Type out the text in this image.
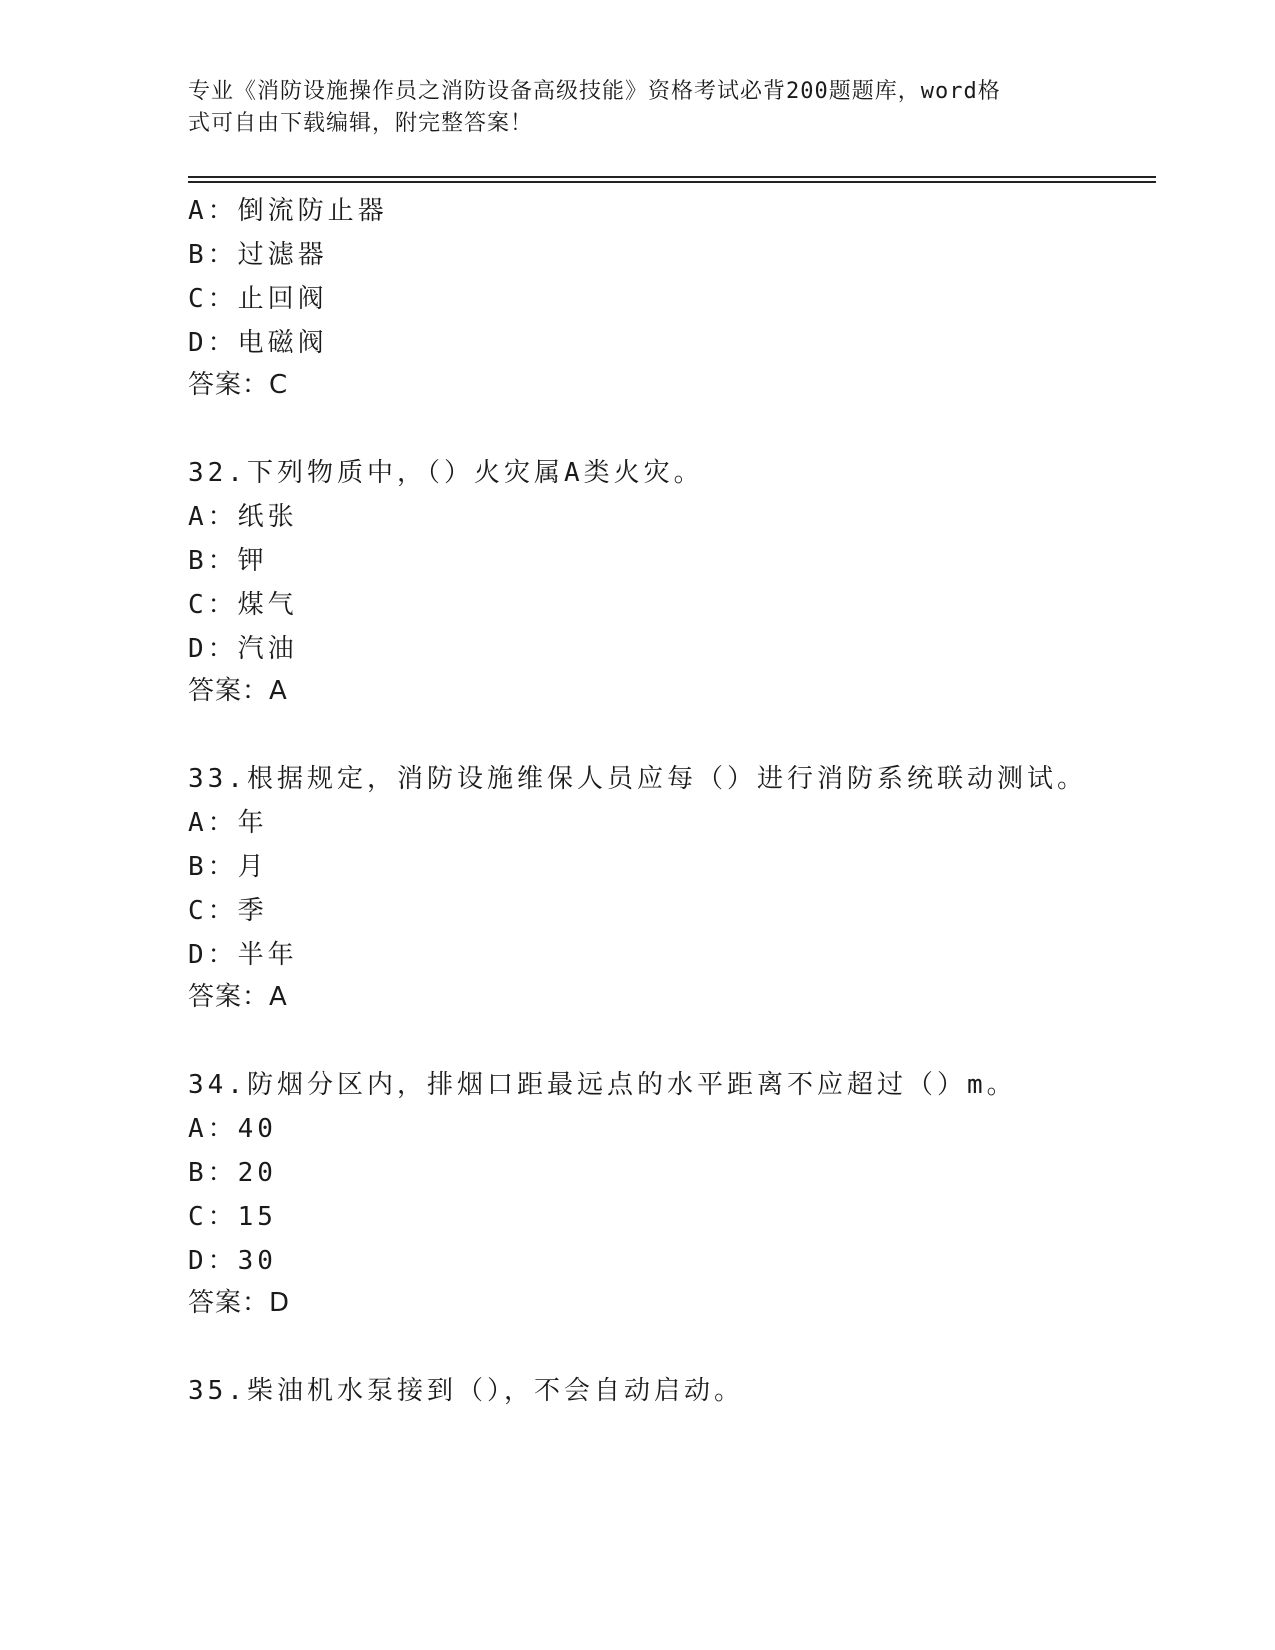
专业《消防设施操作员之消防设备高级技能》资格考试必背200题题库，word格
式可自由下载编辑，附完整答案！
A：倒流防止器
B：过滤器
C：止回阀
D：电磁阀
答案：C
32.下列物质中，（）火灾属A类火灾。
A：纸张
B：钾
C：煤气
D：汽油
答案：A
33.根据规定，消防设施维保人员应每（）进行消防系统联动测试。
A：年
B：月
C：季
D：半年
答案：A
34.防烟分区内，排烟口距最远点的水平距离不应超过（）m。
A：40
B：20
C：15
D：30
答案：D
35.柴油机水泵接到（），不会自动启动。
